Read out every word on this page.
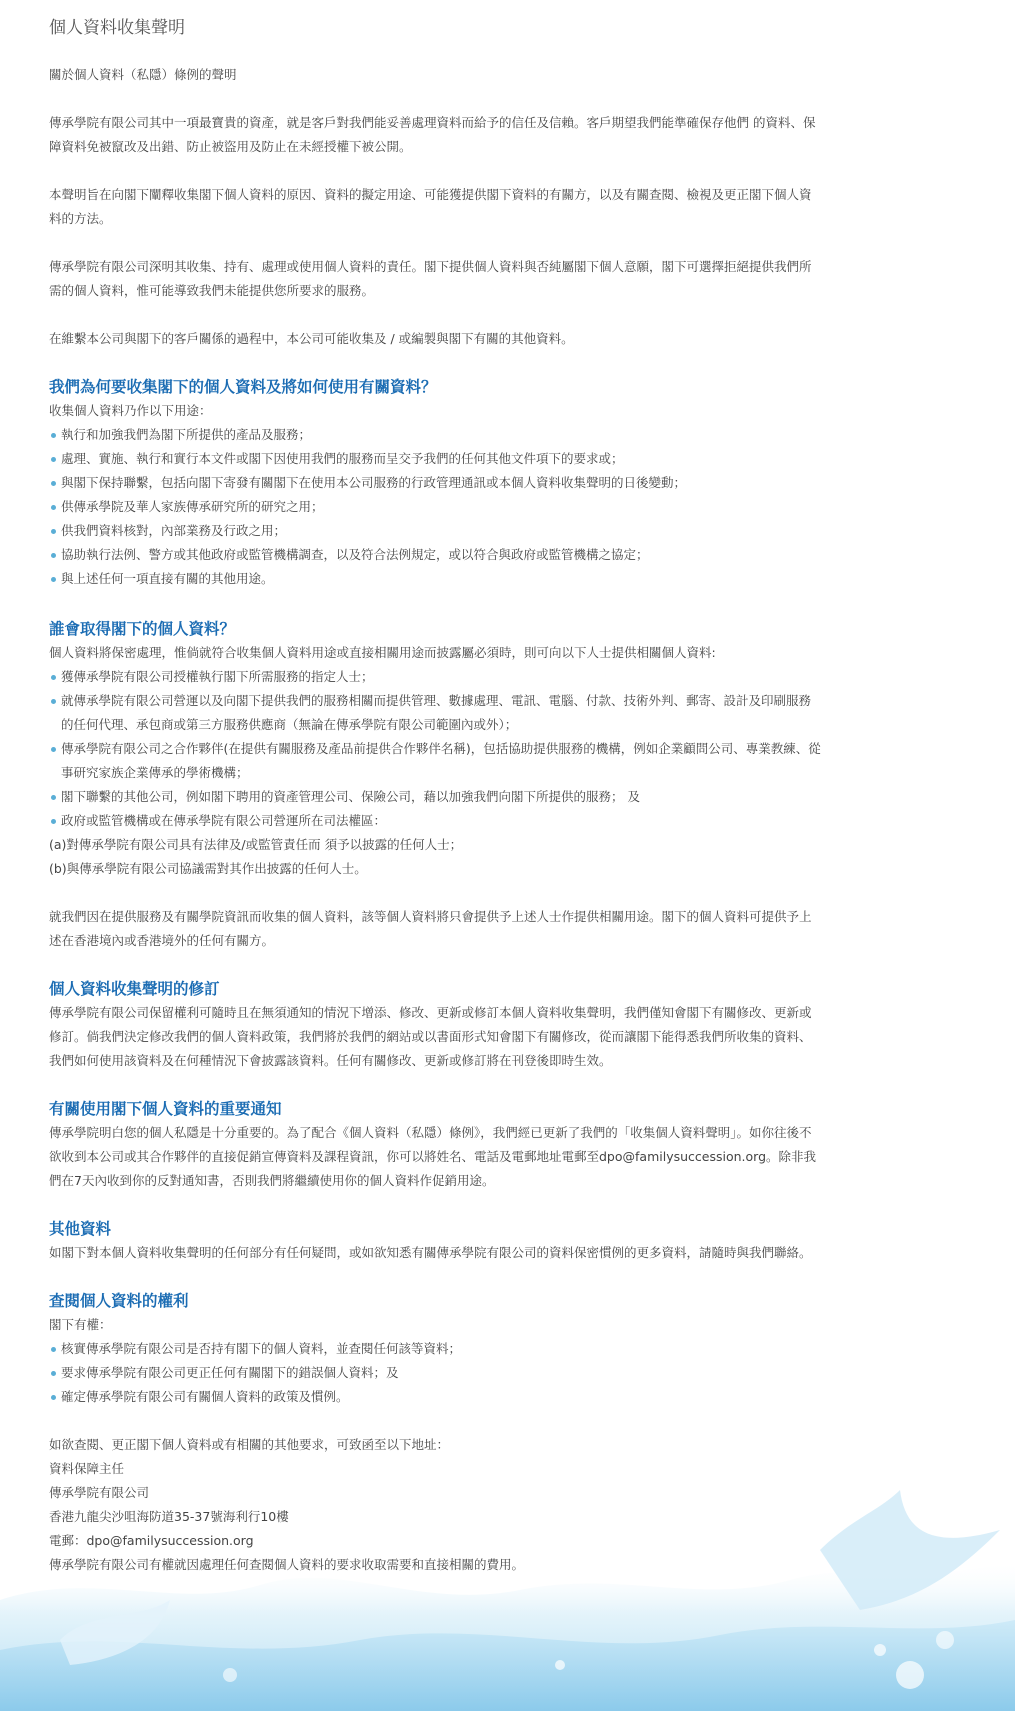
個人資料收集聲明

關於個人資料（私隱）條例的聲明

傳承學院有限公司其中一項最寶貴的資產，就是客戶對我們能妥善處理資料而給予的信任及信賴。客戶期望我們能準確保存他們 的資料、保障資料免被竄改及出錯、防止被盜用及防止在未經授權下被公開。

本聲明旨在向閣下闡釋收集閣下個人資料的原因、資料的擬定用途、可能獲提供閣下資料的有關方，以及有關查閱、檢視及更正閣下個人資料的方法。

傳承學院有限公司深明其收集、持有、處理或使用個人資料的責任。閣下提供個人資料與否純屬閣下個人意願，閣下可選擇拒絕提供我們所需的個人資料，惟可能導致我們未能提供您所要求的服務。

在維繫本公司與閣下的客戶關係的過程中，本公司可能收集及 / 或編製與閣下有關的其他資料。

我們為何要收集閣下的個人資料及將如何使用有關資料？

收集個人資料乃作以下用途：

執行和加強我們為閣下所提供的產品及服務；
處理、實施、執行和實行本文件或閣下因使用我們的服務而呈交予我們的任何其他文件項下的要求或；
與閣下保持聯繫，包括向閣下寄發有關閣下在使用本公司服務的行政管理通訊或本個人資料收集聲明的日後變動；
供傳承學院及華人家族傳承研究所的研究之用；
供我們資料核對，內部業務及行政之用；
協助執行法例、警方或其他政府或監管機構調查，以及符合法例規定，或以符合與政府或監管機構之協定；
與上述任何一項直接有關的其他用途。
誰會取得閣下的個人資料？

個人資料將保密處理，惟倘就符合收集個人資料用途或直接相關用途而披露屬必須時，則可向以下人士提供相關個人資料:

獲傳承學院有限公司授權執行閣下所需服務的指定人士；
就傳承學院有限公司營運以及向閣下提供我們的服務相關而提供管理、數據處理、電訊、電腦、付款、技術外判、郵寄、設計及印刷服務的任何代理、承包商或第三方服務供應商（無論在傳承學院有限公司範圍內或外）；
傳承學院有限公司之合作夥伴(在提供有關服務及產品前提供合作夥伴名稱)，包括協助提供服務的機構，例如企業顧問公司、專業教練、從事研究家族企業傳承的學術機構；
閣下聯繫的其他公司，例如閣下聘用的資產管理公司、保險公司，藉以加強我們向閣下所提供的服務； 及
政府或監管機構或在傳承學院有限公司營運所在司法權區：

(a)對傳承學院有限公司具有法律及/或監管責任而 須予以披露的任何人士；

(b)與傳承學院有限公司協議需對其作出披露的任何人士。

就我們因在提供服務及有關學院資訊而收集的個人資料，該等個人資料將只會提供予上述人士作提供相關用途。閣下的個人資料可提供予上述在香港境內或香港境外的任何有關方。

個人資料收集聲明的修訂

傳承學院有限公司保留權利可隨時且在無須通知的情況下增添、修改、更新或修訂本個人資料收集聲明，我們僅知會閣下有關修改、更新或修訂。倘我們決定修改我們的個人資料政策，我們將於我們的網站或以書面形式知會閣下有關修改，從而讓閣下能得悉我們所收集的資料、我們如何使用該資料及在何種情況下會披露該資料。任何有關修改、更新或修訂將在刊登後即時生效。

有關使用閣下個人資料的重要通知

傳承學院明白您的個人私隱是十分重要的。為了配合《個人資料（私隱）條例》，我們經已更新了我們的「收集個人資料聲明」。如你往後不欲收到本公司或其合作夥伴的直接促銷宣傳資料及課程資訊，你可以將姓名、電話及電郵地址電郵至dpo@familysuccession.org。除非我們在7天內收到你的反對通知書，否則我們將繼續使用你的個人資料作促銷用途。

其他資料

如閣下對本個人資料收集聲明的任何部分有任何疑問，或如欲知悉有關傳承學院有限公司的資料保密慣例的更多資料，請隨時與我們聯絡。

查閱個人資料的權利

閣下有權：

核實傳承學院有限公司是否持有閣下的個人資料，並查閱任何該等資料；
要求傳承學院有限公司更正任何有關閣下的錯誤個人資料；及
確定傳承學院有限公司有關個人資料的政策及慣例。

如欲查閱、更正閣下個人資料或有相關的其他要求，可致函至以下地址：

資料保障主任

傳承學院有限公司

香港九龍尖沙咀海防道35-37號海利行10樓

電郵：dpo@familysuccession.org

傳承學院有限公司有權就因處理任何查閱個人資料的要求收取需要和直接相關的費用。
